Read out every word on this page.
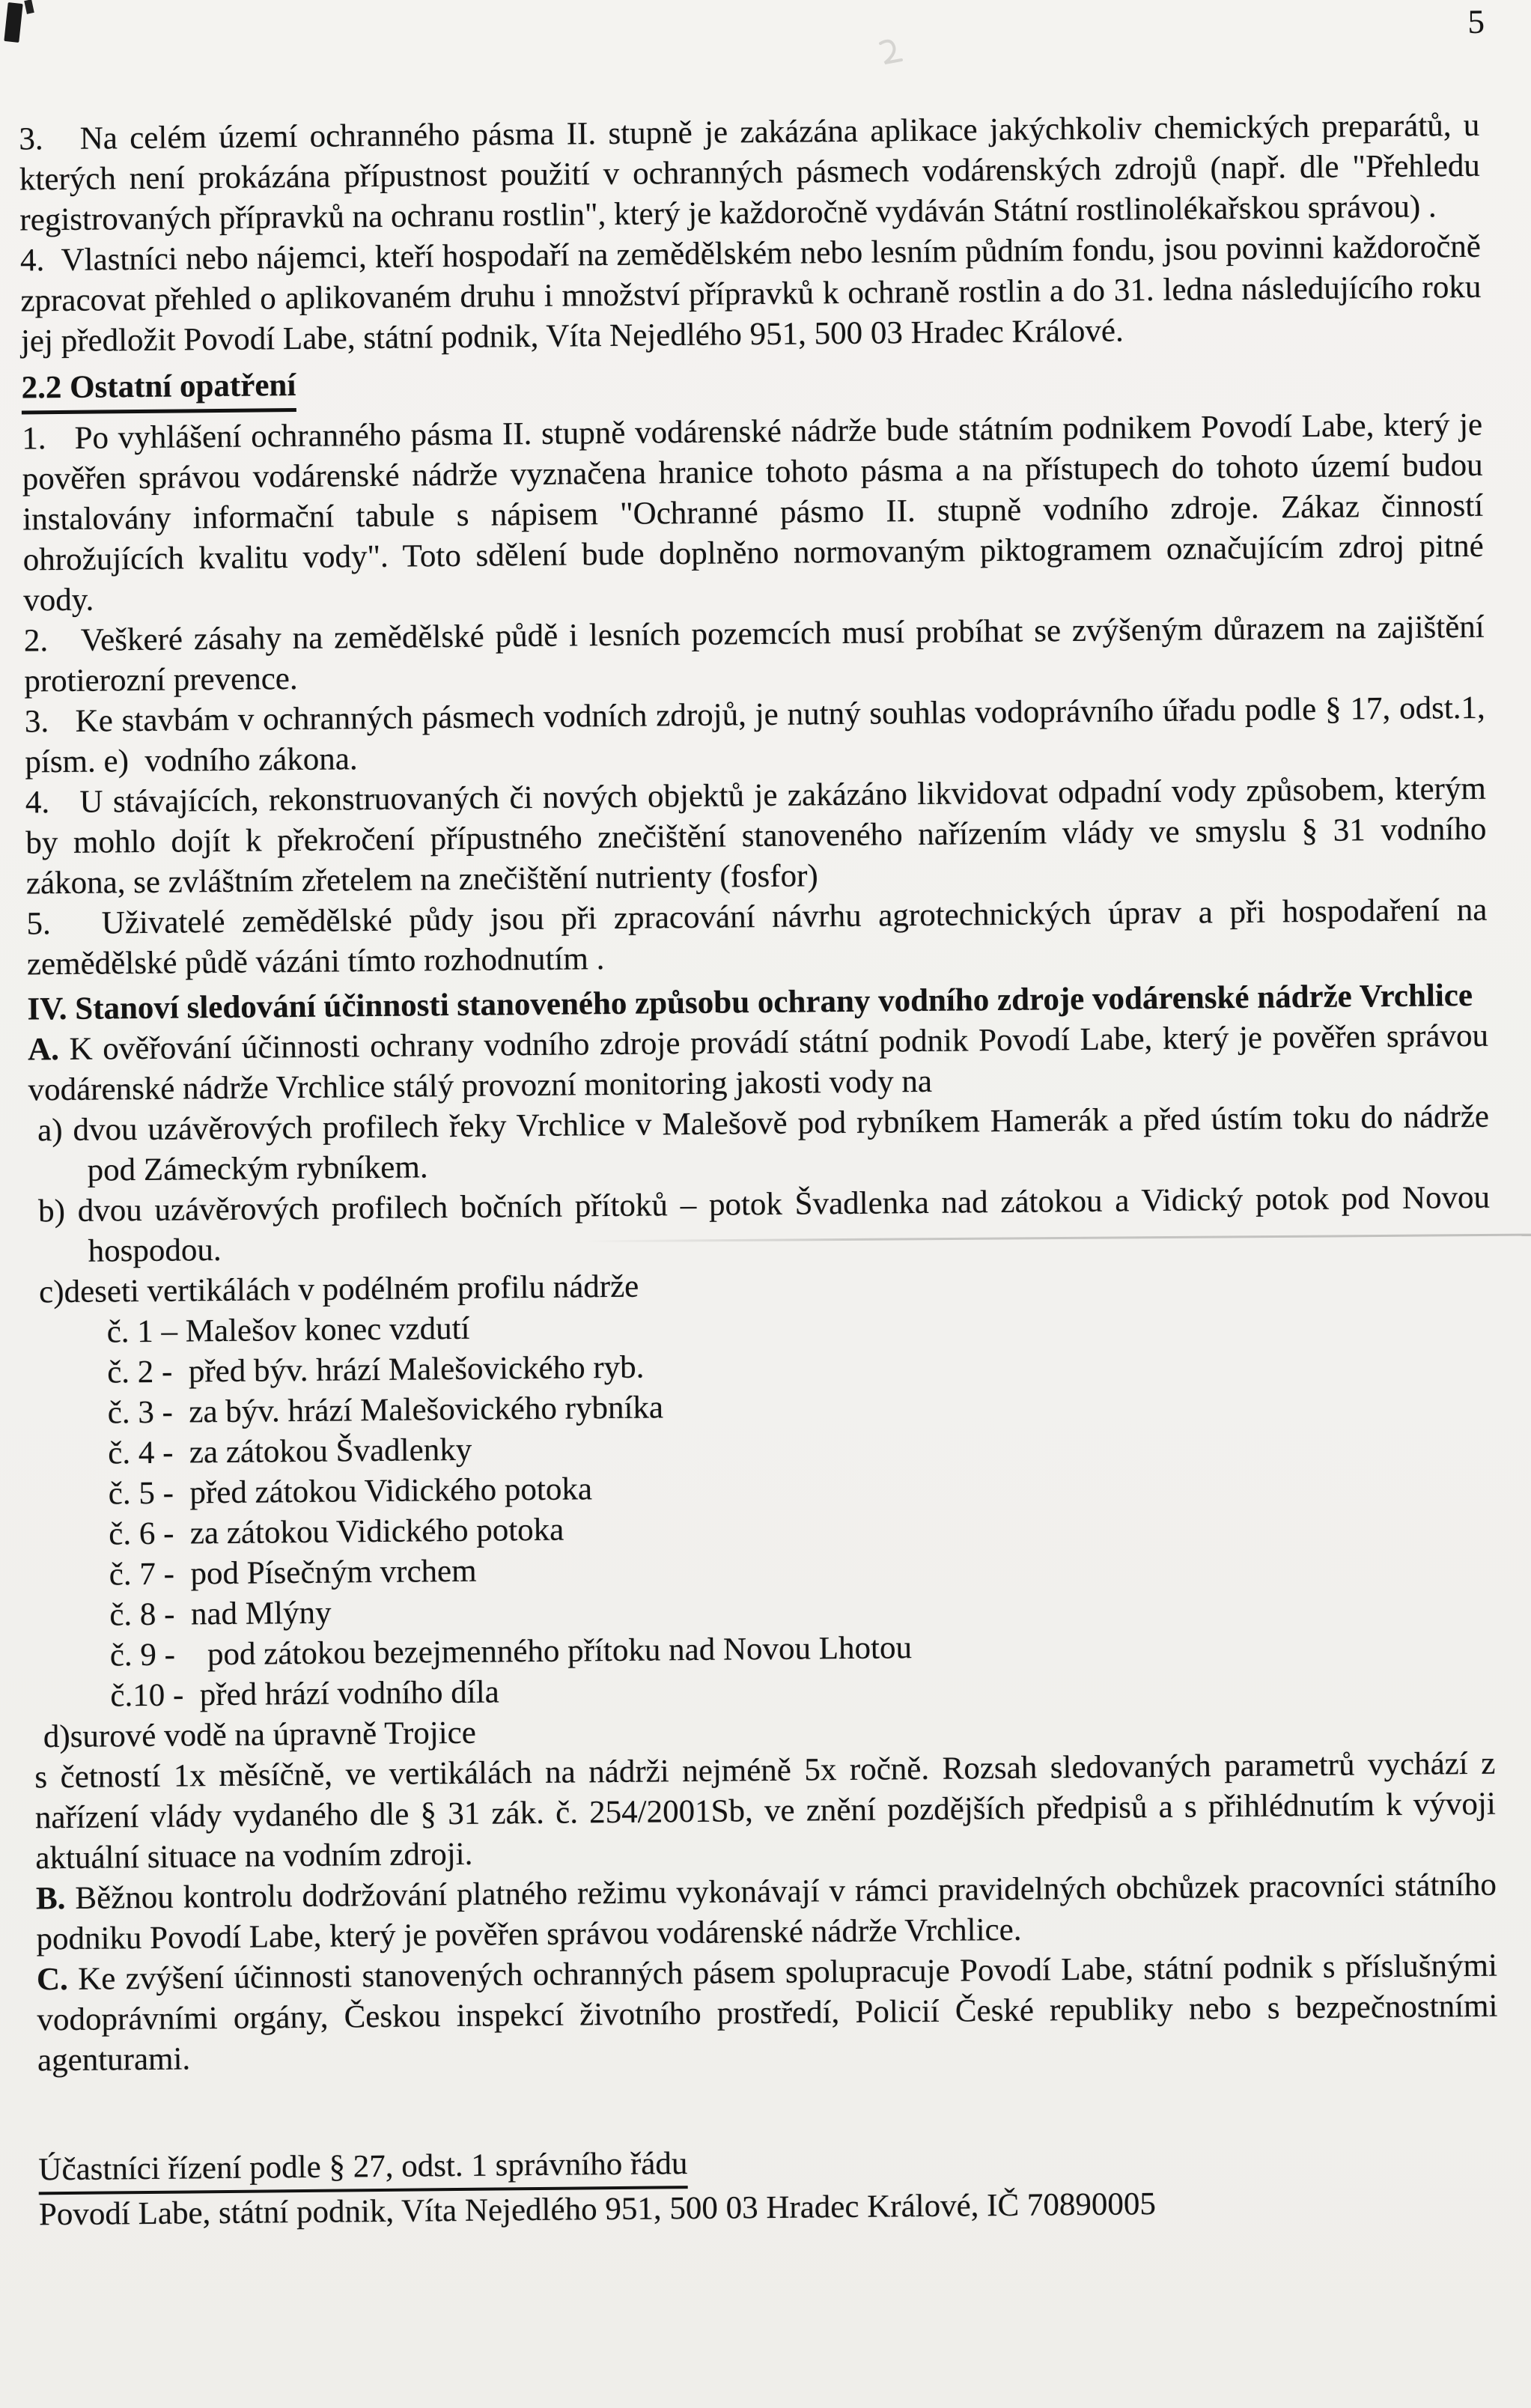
5

3.   Na celém území ochranného pásma II. stupně je zakázána aplikace jakýchkoliv chemických preparátů, u kterých není prokázána přípustnost použití v ochranných pásmech vodárenských zdrojů (např. dle "Přehledu registrovaných přípravků na ochranu rostlin", který je každoročně vydáván Státní rostlinolékařskou správou) .

4.  Vlastníci nebo nájemci, kteří hospodaří na zemědělském nebo lesním půdním fondu, jsou povinni každoročně zpracovat přehled o aplikovaném druhu i množství přípravků k ochraně rostlin a do 31. ledna následujícího roku jej předložit Povodí Labe, státní podnik, Víta Nejedlého 951, 500 03 Hradec Králové.

2.2 Ostatní opatření

1.   Po vyhlášení ochranného pásma II. stupně vodárenské nádrže bude státním podnikem Povodí Labe, který je pověřen správou vodárenské nádrže vyznačena hranice tohoto pásma a na přístupech do tohoto území budou instalovány informační tabule s nápisem "Ochranné pásmo II. stupně vodního zdroje. Zákaz činností ohrožujících kvalitu vody". Toto sdělení bude doplněno normovaným piktogramem označujícím zdroj pitné vody.

2.   Veškeré zásahy na zemědělské půdě i lesních pozemcích musí probíhat se zvýšeným důrazem na zajištění protierozní prevence.

3.   Ke stavbám v ochranných pásmech vodních zdrojů, je nutný souhlas vodoprávního úřadu podle § 17, odst.1, písm. e)  vodního zákona.

4.   U stávajících, rekonstruovaných či nových objektů je zakázáno likvidovat odpadní vody způsobem, kterým by mohlo dojít k překročení přípustného znečištění stanoveného nařízením vlády ve smyslu § 31 vodního zákona, se zvláštním zřetelem na znečištění nutrienty (fosfor)

5.   Uživatelé zemědělské půdy jsou při zpracování návrhu agrotechnických úprav a při hospodaření na zemědělské půdě vázáni tímto rozhodnutím .

IV. Stanoví sledování účinnosti stanoveného způsobu ochrany vodního zdroje vodárenské nádrže Vrchlice

A. K ověřování účinnosti ochrany vodního zdroje provádí státní podnik Povodí Labe, který je pověřen správou vodárenské nádrže Vrchlice stálý provozní monitoring jakosti vody na

a) dvou uzávěrových profilech řeky Vrchlice v Malešově pod rybníkem Hamerák a před ústím toku do nádrže pod Zámeckým rybníkem.

b) dvou uzávěrových profilech bočních přítoků – potok Švadlenka nad zátokou a Vidický potok pod Novou hospodou.

c)deseti vertikálách v podélném profilu nádrže

č. 1 – Malešov konec vzdutí
č. 2 -  před býv. hrází Malešovického ryb.
č. 3 -  za býv. hrází Malešovického rybníka
č. 4 -  za zátokou Švadlenky
č. 5 -  před zátokou Vidického potoka
č. 6 -  za zátokou Vidického potoka
č. 7 -  pod Písečným vrchem
č. 8 -  nad Mlýny
č. 9 -    pod zátokou bezejmenného přítoku nad Novou Lhotou
č.10 -  před hrází vodního díla

d)surové vodě na úpravně Trojice

s četností 1x měsíčně, ve vertikálách na nádrži nejméně 5x ročně. Rozsah sledovaných parametrů vychází z nařízení vlády vydaného dle § 31 zák. č. 254/2001Sb, ve znění pozdějších předpisů a s přihlédnutím k vývoji aktuální situace na vodním zdroji.

B. Běžnou kontrolu dodržování platného režimu vykonávají v rámci pravidelných obchůzek pracovníci státního podniku Povodí Labe, který je pověřen správou vodárenské nádrže Vrchlice.

C. Ke zvýšení účinnosti stanovených ochranných pásem spolupracuje Povodí Labe, státní podnik s příslušnými vodoprávními orgány, Českou inspekcí životního prostředí, Policií České republiky nebo s bezpečnostními agenturami.

Účastníci řízení podle § 27, odst. 1 správního řádu

Povodí Labe, státní podnik, Víta Nejedlého 951, 500 03 Hradec Králové, IČ 70890005
